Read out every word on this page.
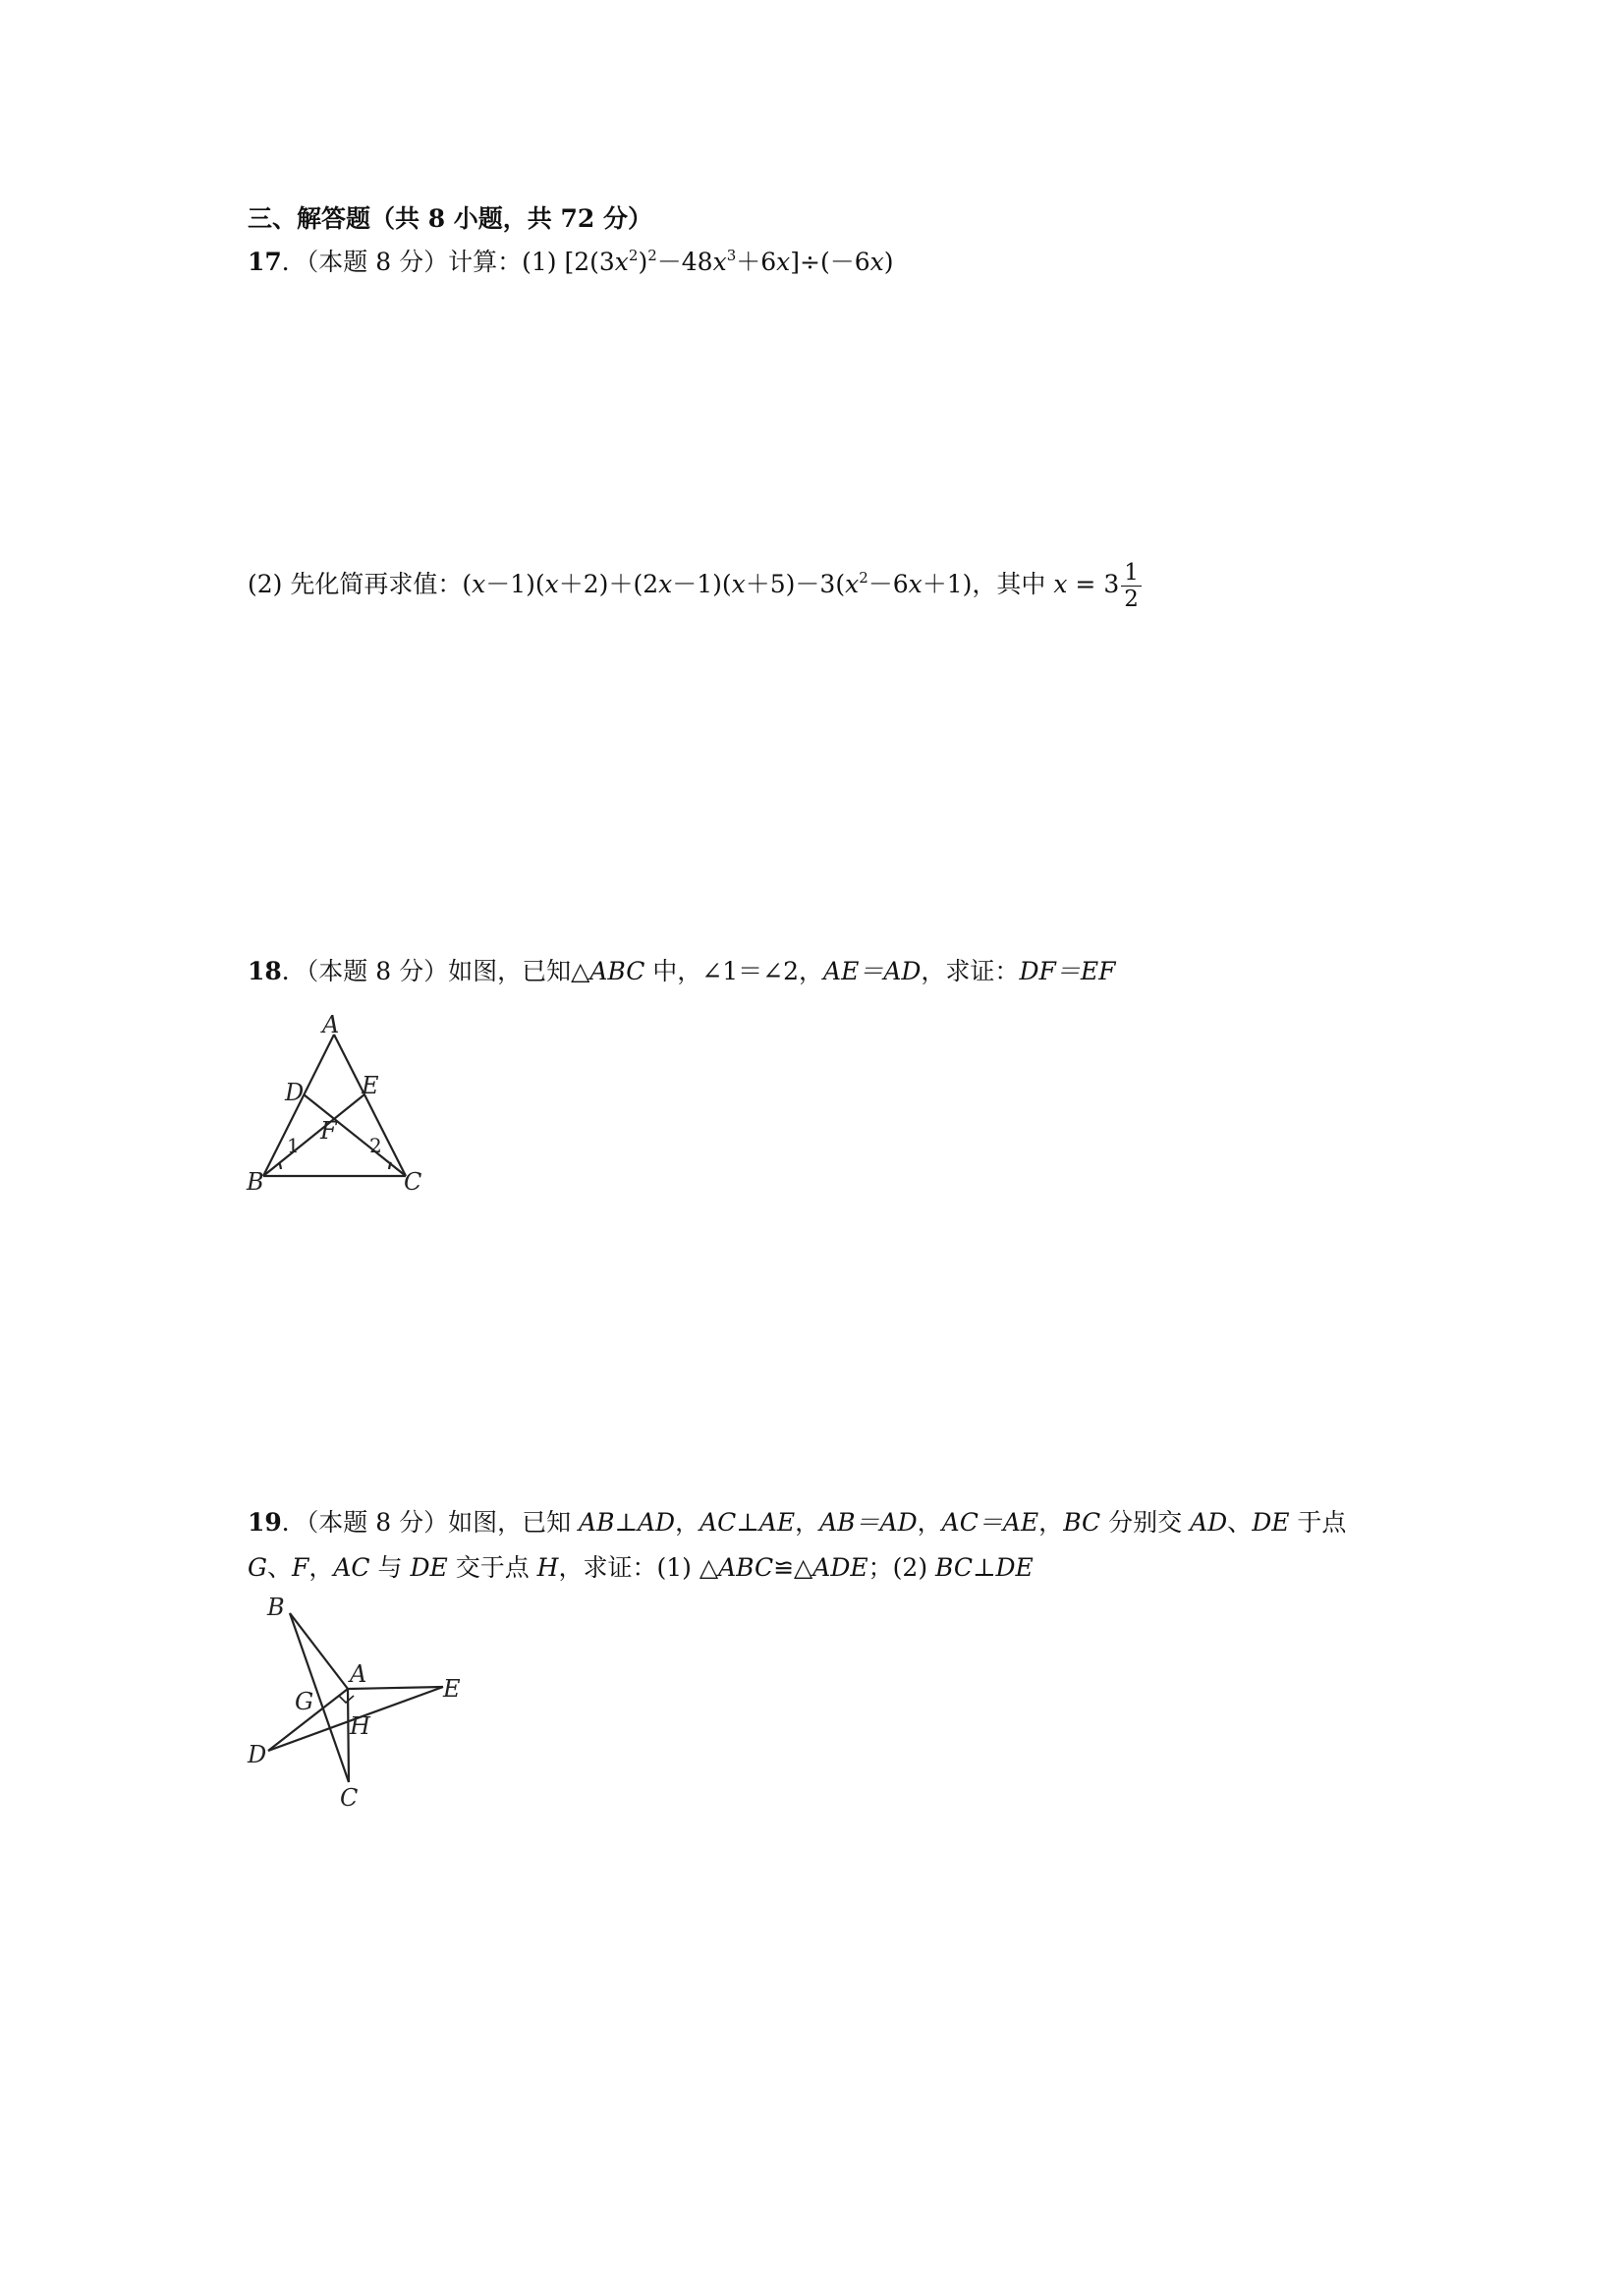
三、解答题（共 8 小题，共 72 分）
17．（本题 8 分）计算：(1) $[2(3x^2)^2-48x^3+6x]\div(-6x)$
(2) 先化简再求值：$(x-1)(x+2)+(2x-1)(x+5)-3(x^2-6x+1)$，其中 $x = 3 \frac{1}{2}$
18．（本题 8 分）如图，已知△ABC 中，∠1＝∠2，AE＝AD，求证：DF＝EF
A
B	C
D E
F
1	2
19．（本题 8 分）如图，已知 AB⊥AD，AC⊥AE，AB＝AD，AC＝AE，BC 分别交 AD、DE 于点
G、F，AC 与 DE 交于点 H，求证：(1) △ABC≌△ADE；(2) BC⊥DE
B
A
E
G
H
D
C
